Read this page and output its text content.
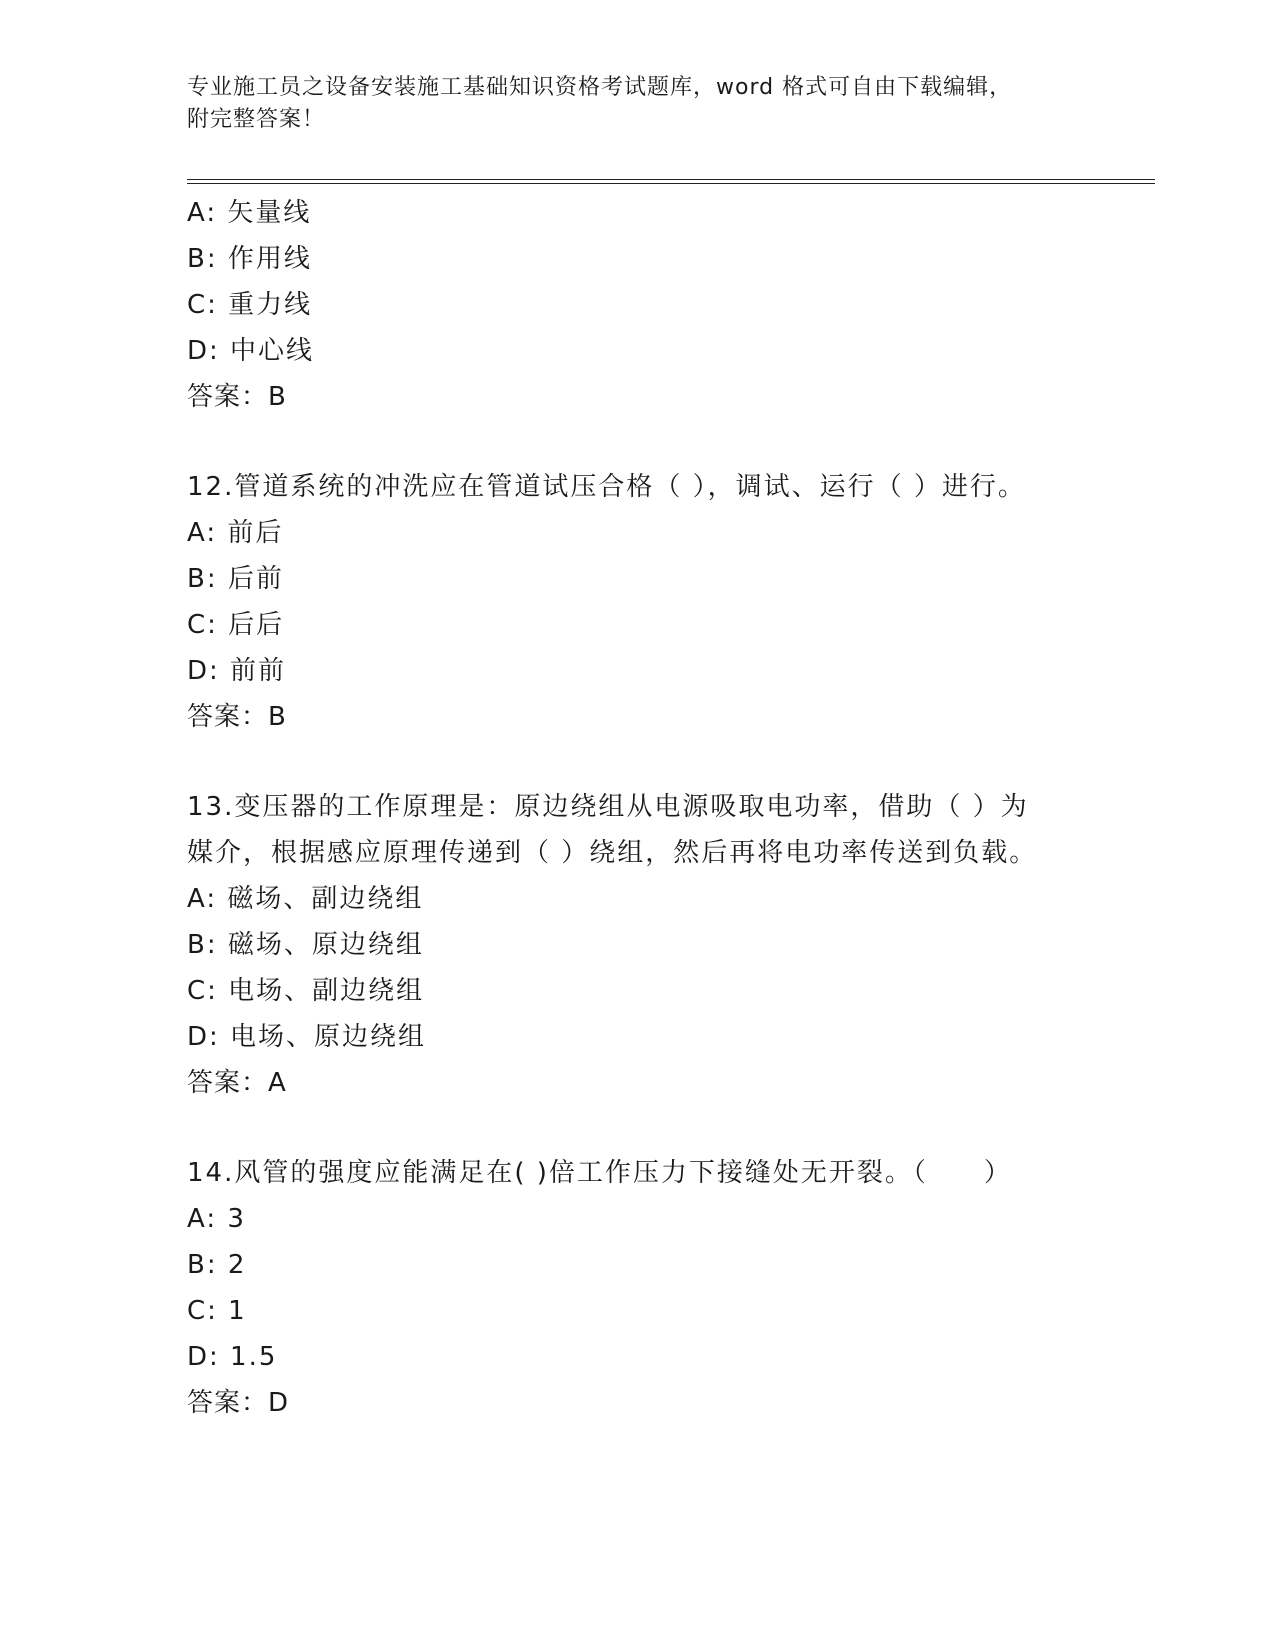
专业施工员之设备安装施工基础知识资格考试题库，word 格式可自由下载编辑，
附完整答案！
A: 矢量线
B: 作用线
C: 重力线
D: 中心线
答案：B
12.管道系统的冲洗应在管道试压合格（ ），调试、运行（ ）进行。
A: 前后
B: 后前
C: 后后
D: 前前
答案：B
13.变压器的工作原理是：原边绕组从电源吸取电功率，借助（ ）为
媒介，根据感应原理传递到（ ）绕组，然后再将电功率传送到负载。
A: 磁场、副边绕组
B: 磁场、原边绕组
C: 电场、副边绕组
D: 电场、原边绕组
答案：A
14.风管的强度应能满足在( )倍工作压力下接缝处无开裂。（　　）
A: 3
B: 2
C: 1
D: 1.5
答案：D
